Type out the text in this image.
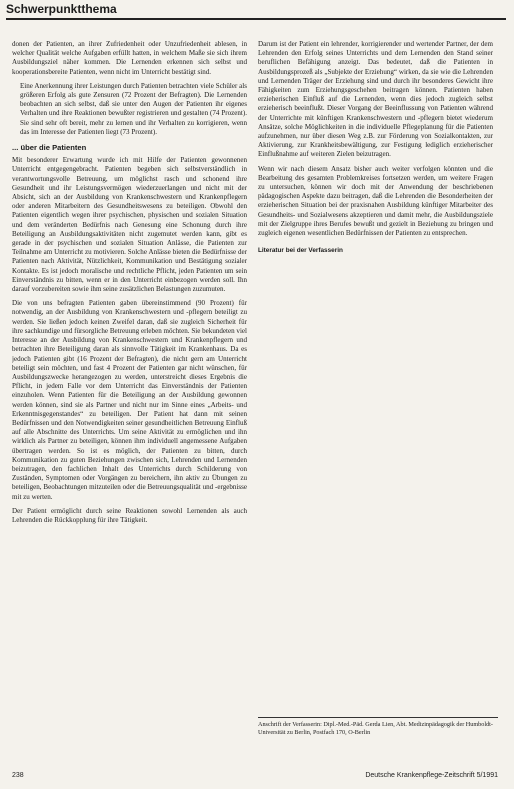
Schwerpunktthema

donen der Patienten, an ihrer Zufriedenheit oder Unzufriedenheit ablesen, in welcher Qualität welche Aufgaben erfüllt hatten, in welchem Maße sie sich ihrem Ausbildungsziel näher kommen. Die Lernenden erkennen sich selbst und kooperationsbereite Patienten, wenn nicht im Unterricht bestätigt sind.

• Eine Anerkennung ihrer Leistungen durch Patienten betrachten viele Schüler als größeren Erfolg als gute Zensuren (72 Prozent der Befragten). Die Lernenden beobachten an sich selbst, daß sie unter den Augen der Patienten ihr eigenes Verhalten und ihre Reaktionen bewußter registrieren und gestalten (74 Prozent). Sie sind sehr oft bereit, mehr zu lernen und ihr Verhalten zu korrigieren, wenn das im Interesse der Patienten liegt (73 Prozent).
... über die Patienten

Mit besonderer Erwartung wurde ich mit Hilfe der Patienten gewonnenen Unterricht entgegengebracht. Patienten begeben sich selbstverständlich in verantwortungsvolle Betreuung, um möglichst rasch und schonend ihre Gesundheit und ihr Leistungsvermögen wiederzuerlangen und nicht mit der Absicht, sich an der Ausbildung von Krankenschwestern und Krankenpflegern oder anderen Mitarbeitern des Gesundheitswesens zu beteiligen. Obwohl den Patienten eigentlich wegen ihrer psychischen, physischen und sozialen Situation und dem veränderten Bedürfnis nach Genesung eine Schonung durch ihre Beteiligung an Ausbildungsaktivitäten nicht zugemutet werden kann, gibt es gerade in der psychischen und sozialen Situation Anlässe, die Patienten zur Teilnahme am Unterricht zu motivieren. Solche Anlässe bieten die Bedürfnisse der Patienten nach Aktivität, Nützlichkeit, Kommunikation und Bestätigung sozialer Kontakte. Es ist jedoch moralische und rechtliche Pflicht, jeden Patienten um sein Einverständnis zu bitten, wenn er in den Unterricht einbezogen werden soll. Ihn darauf vorzubereiten sowie ihm seine zusätzlichen Belastungen zuzumuten.

Die von uns befragten Patienten gaben übereinstimmend (90 Prozent) für notwendig, an der Ausbildung von Krankenschwestern und -pflegern beteiligt zu werden. Sie ließen jedoch keinen Zweifel daran, daß sie zugleich Sicherheit für ihre sachkundige und fürsorgliche Betreuung erleben möchten. Sie bekundeten viel Interesse an der Ausbildung von Krankenschwestern und Krankenpflegern und betrachten ihre Beteiligung daran als sinnvolle Tätigkeit im Krankenhaus. Da es jedoch Patienten gibt (16 Prozent der Befragten), die nicht gern am Unterricht beteiligt sein möchten, und fast 4 Prozent der Patienten gar nicht wünschen, für Ausbildungszwecke herangezogen zu werden, unterstreicht dieses Ergebnis die Pflicht, in jedem Falle vor dem Unterricht das Einverständnis der Patienten einzuholen. Wenn Patienten für die Beteiligung an der Ausbildung gewonnen werden können, sind sie als Partner und nicht nur im Sinne eines „Arbeits- und Erkenntnisgegenstandes“ zu beteiligen. Der Patient hat dann mit seinen Bedürfnissen und den Notwendigkeiten seiner gesundheitlichen Betreuung Einfluß auf alle Abschnitte des Unterrichts. Um seine Aktivität zu ermöglichen und ihn wirklich als Partner zu beteiligen, können ihm individuell angemessene Aufgaben übertragen werden. So ist es möglich, der Patienten zu bitten, durch Kommunikation zu guten Beziehungen zwischen sich, Lehrenden und Lernenden beizutragen, den fachlichen Inhalt des Unterrichts durch Schilderung von Zuständen, Symptomen oder Vorgängen zu bereichern, ihn aktiv zu Übungen zu beteiligen, Beobachtungen mitzuteilen oder die Betreuungsqualität und -ergebnisse mit zu werten.

Der Patient ermöglicht durch seine Reaktionen sowohl Lernenden als auch Lehrenden die Rückkopplung für ihre Tätigkeit.

Darum ist der Patient ein lehrender, korrigierender und wertender Partner, der dem Lehrenden den Erfolg seines Unterrichts und dem Lernenden den Stand seiner beruflichen Befähigung anzeigt. Das bedeutet, daß die Patienten in Ausbildungsprozeß als „Subjekte der Erziehung“ wirken, da sie wie die Lehrenden und Lernenden Träger der Erziehung sind und durch ihr besonderes Gewicht ihre Fähigkeiten zum Erziehungsgeschehen beitragen können. Patienten haben erzieherischen Einfluß auf die Lernenden, wenn dies jedoch zugleich selbst erzieherisch beeinflußt. Dieser Vorgang der Beeinflussung von Patienten während der Unterrichte mit künftigen Krankenschwestern und -pflegern bietet wiederum Ansätze, solche Möglichkeiten in die individuelle Pflegeplanung für die Patienten aufzunehmen, nur über diesen Weg z.B. zur Förderung von Sozialkontakten, zur Aktivierung, zur Krankheitsbewältigung, zur Festigung lediglich erzieherischer Einflußnahme auf weiteren Zielen beizutragen.

Wenn wir nach diesem Ansatz bisher auch weiter verfolgen könnten und die Bearbeitung des gesamten Problemkreises fortsetzen werden, um weitere Fragen zu untersuchen, können wir doch mit der Anwendung der beschriebenen pädagogischen Aspekte dazu beitragen, daß die Lehrenden die Besonderheiten der erzieherischen Situation bei der praxisnahen Ausbildung künftiger Mitarbeiter des Gesundheits- und Sozialwesens akzeptieren und damit mehr, die Ausbildungsziele mit der Zielgruppe ihres Berufes bewußt und gezielt in Beziehung zu bringen und zugleich eigenen wesentlichen Bedürfnissen der Patienten zu entsprechen.

Literatur bei der Verfasserin
Anschrift der Verfasserin: Dipl.-Med.-Päd. Gerda Lien, Abt. Medizinpädagogik der Humboldt-Universität zu Berlin, Postfach 170, O-Berlin
238	Deutsche Krankenpflege-Zeitschrift 5/1991
